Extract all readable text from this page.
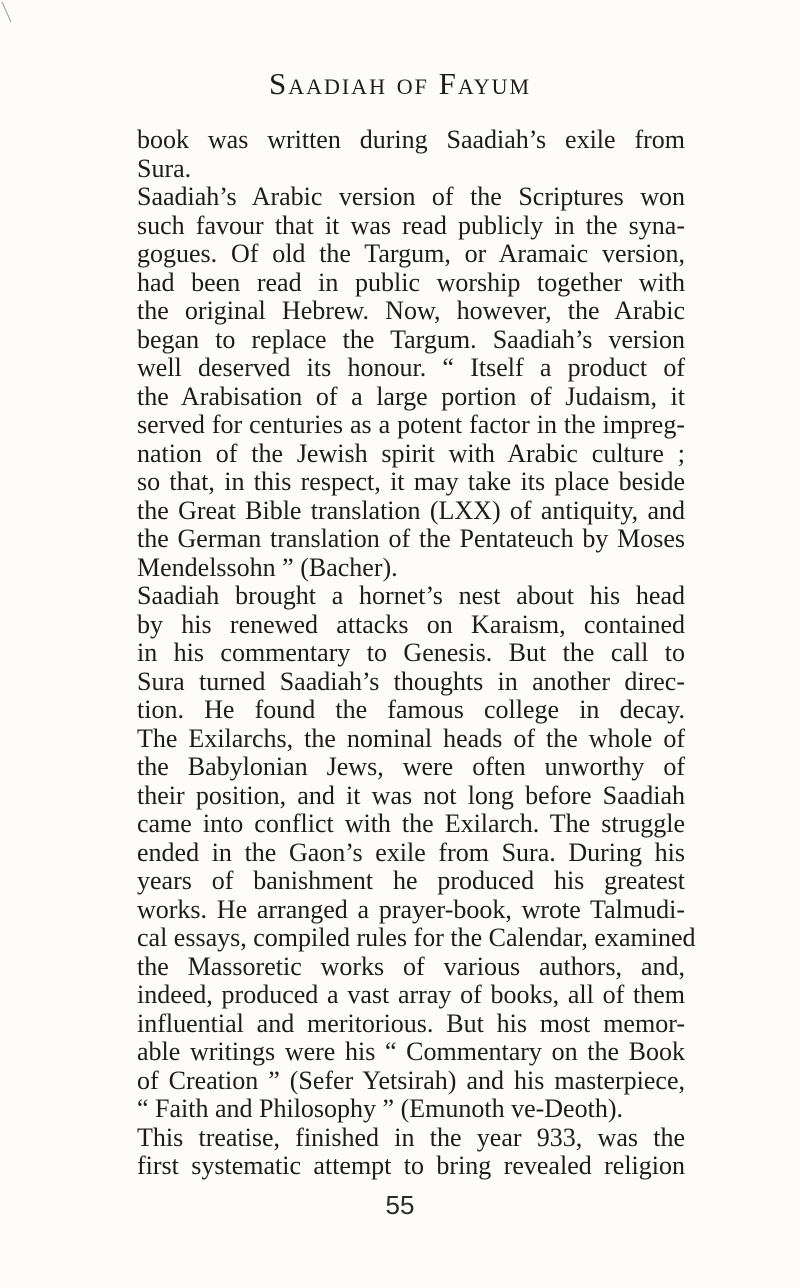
Saadiah of Fayum
book was written during Saadiah’s exile from
Sura.
Saadiah’s Arabic version of the Scriptures won
such favour that it was read publicly in the syna-
gogues. Of old the Targum, or Aramaic version,
had been read in public worship together with
the original Hebrew. Now, however, the Arabic
began to replace the Targum. Saadiah’s version
well deserved its honour. “ Itself a product of
the Arabisation of a large portion of Judaism, it
served for centuries as a potent factor in the impreg-
nation of the Jewish spirit with Arabic culture ;
so that, in this respect, it may take its place beside
the Great Bible translation (LXX) of antiquity, and
the German translation of the Pentateuch by Moses
Mendelssohn ” (Bacher).
Saadiah brought a hornet’s nest about his head
by his renewed attacks on Karaism, contained
in his commentary to Genesis. But the call to
Sura turned Saadiah’s thoughts in another direc-
tion. He found the famous college in decay.
The Exilarchs, the nominal heads of the whole of
the Babylonian Jews, were often unworthy of
their position, and it was not long before Saadiah
came into conflict with the Exilarch. The struggle
ended in the Gaon’s exile from Sura. During his
years of banishment he produced his greatest
works. He arranged a prayer-book, wrote Talmudi-
cal essays, compiled rules for the Calendar, examined
the Massoretic works of various authors, and,
indeed, produced a vast array of books, all of them
influential and meritorious. But his most memor-
able writings were his “ Commentary on the Book
of Creation ” (Sefer Yetsirah) and his masterpiece,
“ Faith and Philosophy ” (Emunoth ve-Deoth).
This treatise, finished in the year 933, was the
first systematic attempt to bring revealed religion
55
